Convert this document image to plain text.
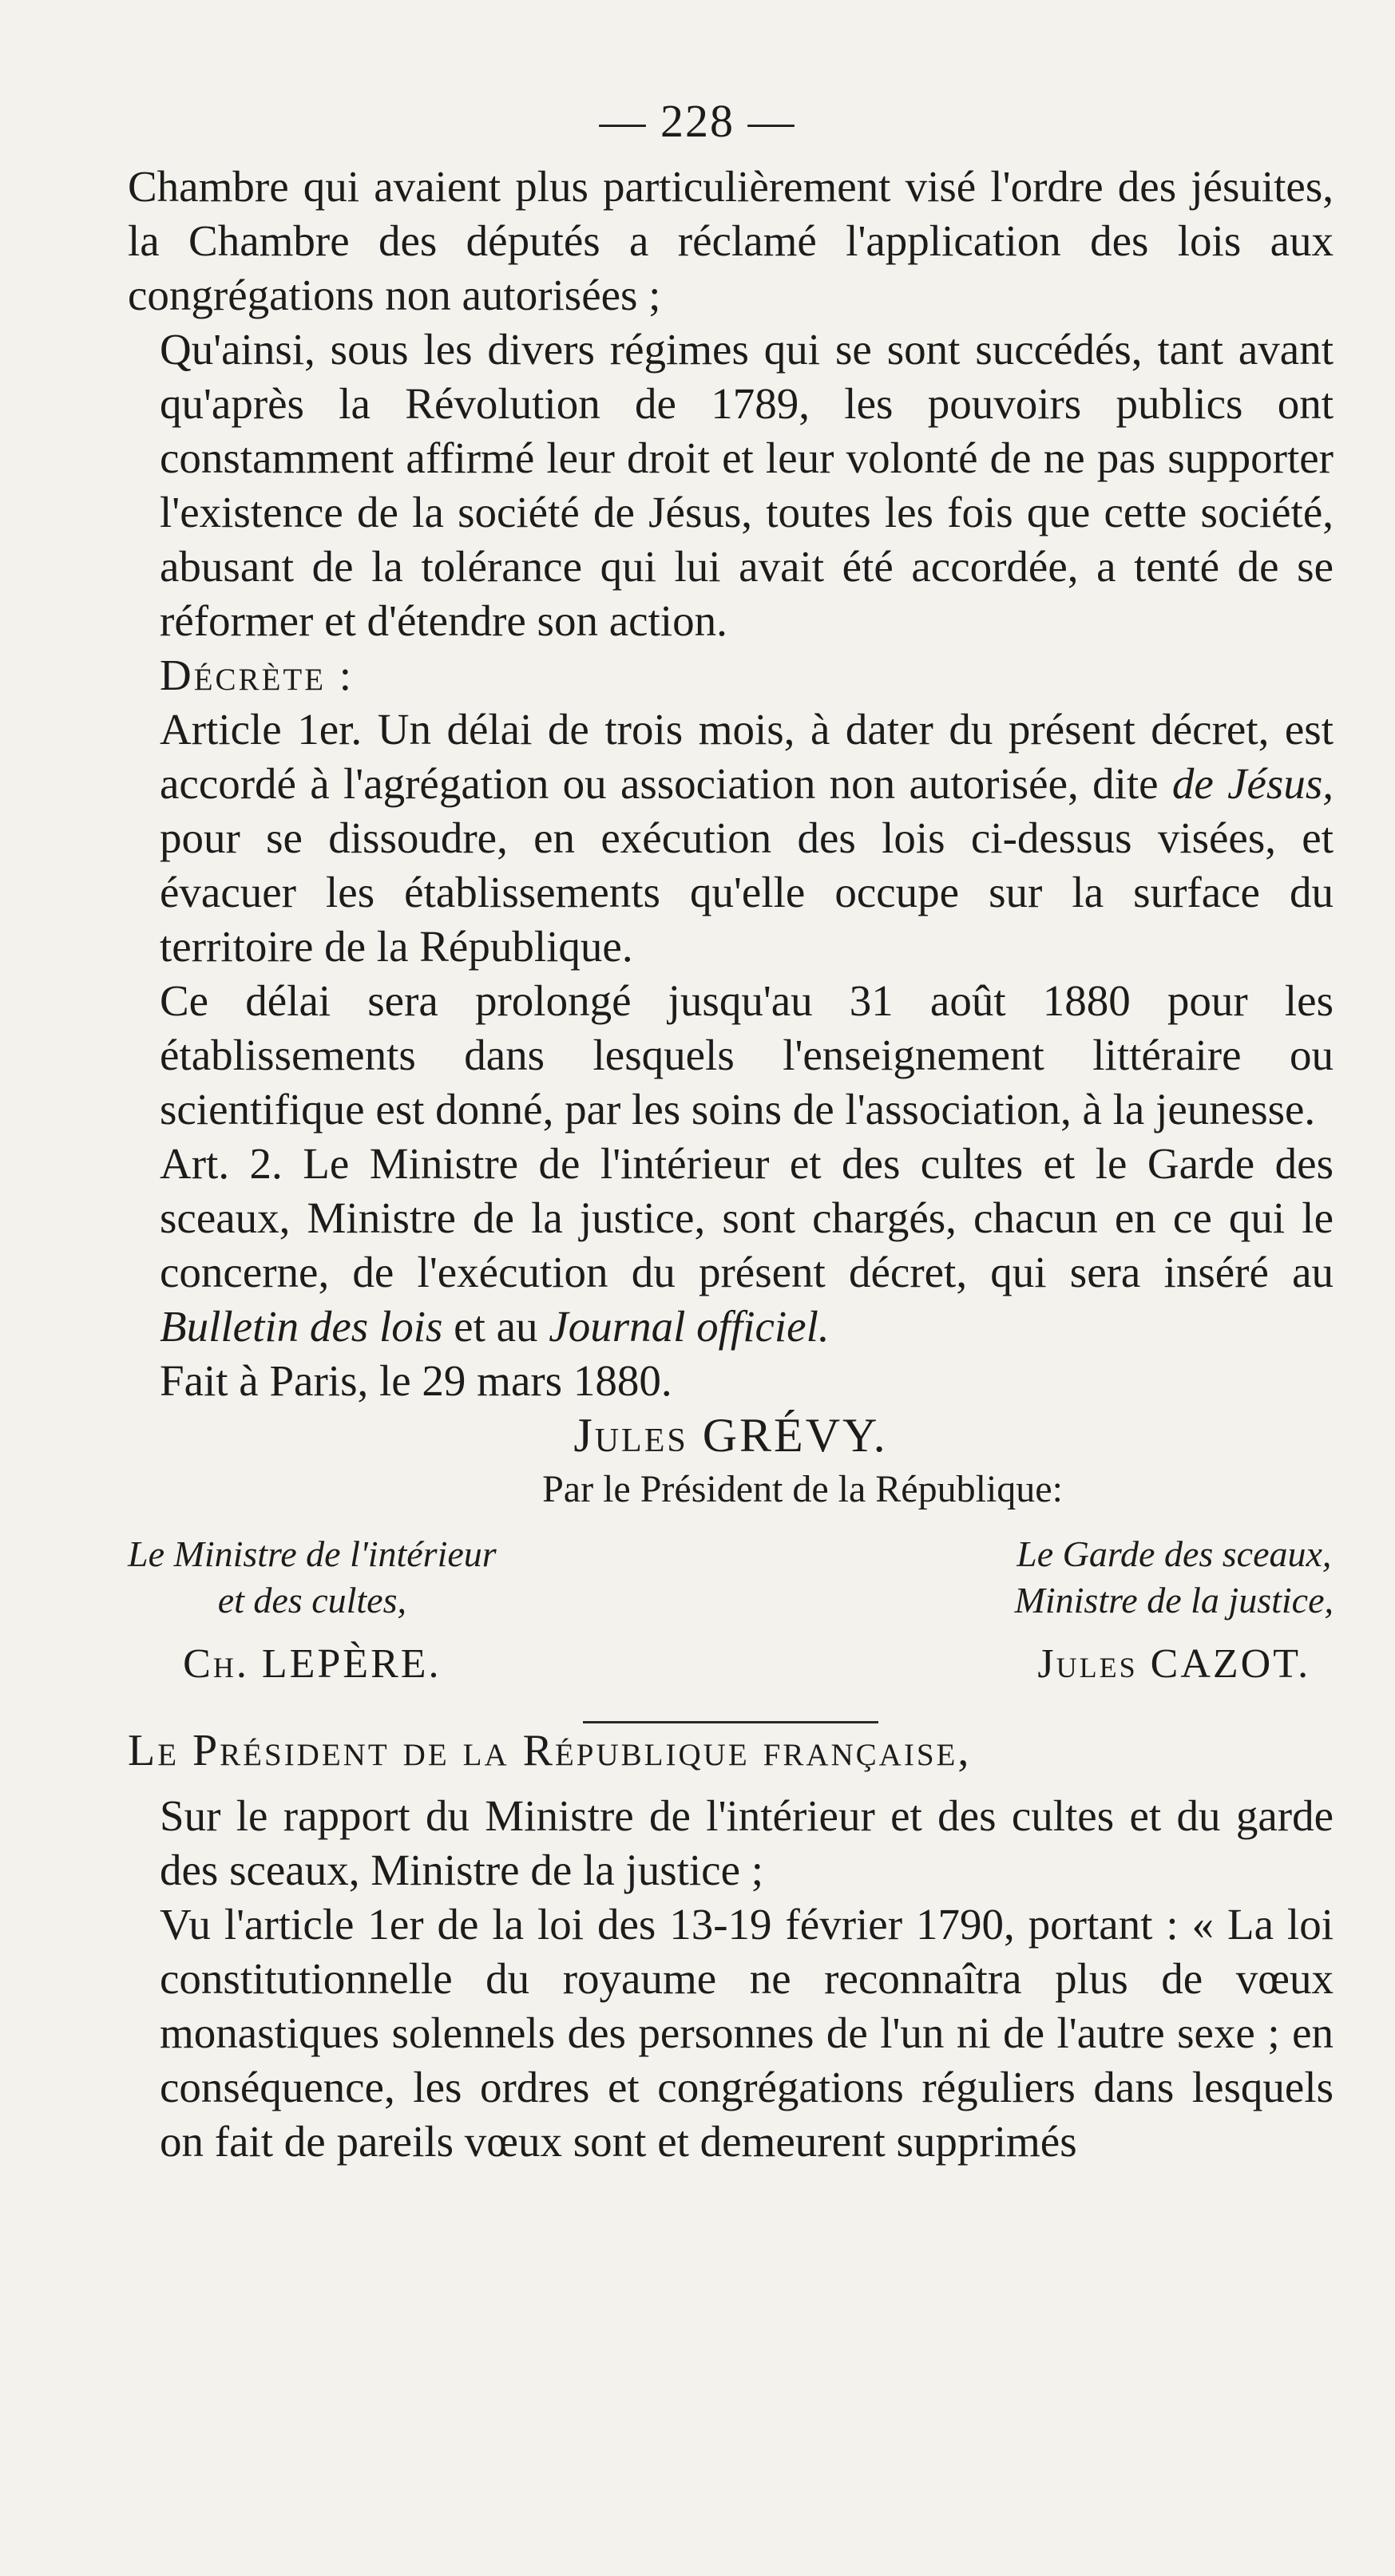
— 228 —

Chambre qui avaient plus particulièrement visé l'ordre des jésuites, la Chambre des députés a réclamé l'application des lois aux congrégations non autorisées ;

Qu'ainsi, sous les divers régimes qui se sont succédés, tant avant qu'après la Révolution de 1789, les pouvoirs publics ont constamment affirmé leur droit et leur volonté de ne pas supporter l'existence de la société de Jésus, toutes les fois que cette société, abusant de la tolérance qui lui avait été accordée, a tenté de se réformer et d'étendre son action.

Décrète :

Article 1er. Un délai de trois mois, à dater du présent décret, est accordé à l'agrégation ou association non autorisée, dite de Jésus, pour se dissoudre, en exécution des lois ci-dessus visées, et évacuer les établissements qu'elle occupe sur la surface du territoire de la République.

Ce délai sera prolongé jusqu'au 31 août 1880 pour les établissements dans lesquels l'enseignement littéraire ou scientifique est donné, par les soins de l'association, à la jeunesse.

Art. 2. Le Ministre de l'intérieur et des cultes et le Garde des sceaux, Ministre de la justice, sont chargés, chacun en ce qui le concerne, de l'exécution du présent décret, qui sera inséré au Bulletin des lois et au Journal officiel.

Fait à Paris, le 29 mars 1880.

Jules GRÉVY.

Par le Président de la République:

Le Ministre de l'intérieur
et des cultes,
Ch. LEPÈRE.
Le Garde des sceaux,
Ministre de la justice,
Jules CAZOT.

Le Président de la République française,

Sur le rapport du Ministre de l'intérieur et des cultes et du garde des sceaux, Ministre de la justice ;

Vu l'article 1er de la loi des 13-19 février 1790, portant : « La loi constitutionnelle du royaume ne reconnaîtra plus de vœux monastiques solennels des personnes de l'un ni de l'autre sexe ; en conséquence, les ordres et congrégations réguliers dans lesquels on fait de pareils vœux sont et demeurent supprimés
